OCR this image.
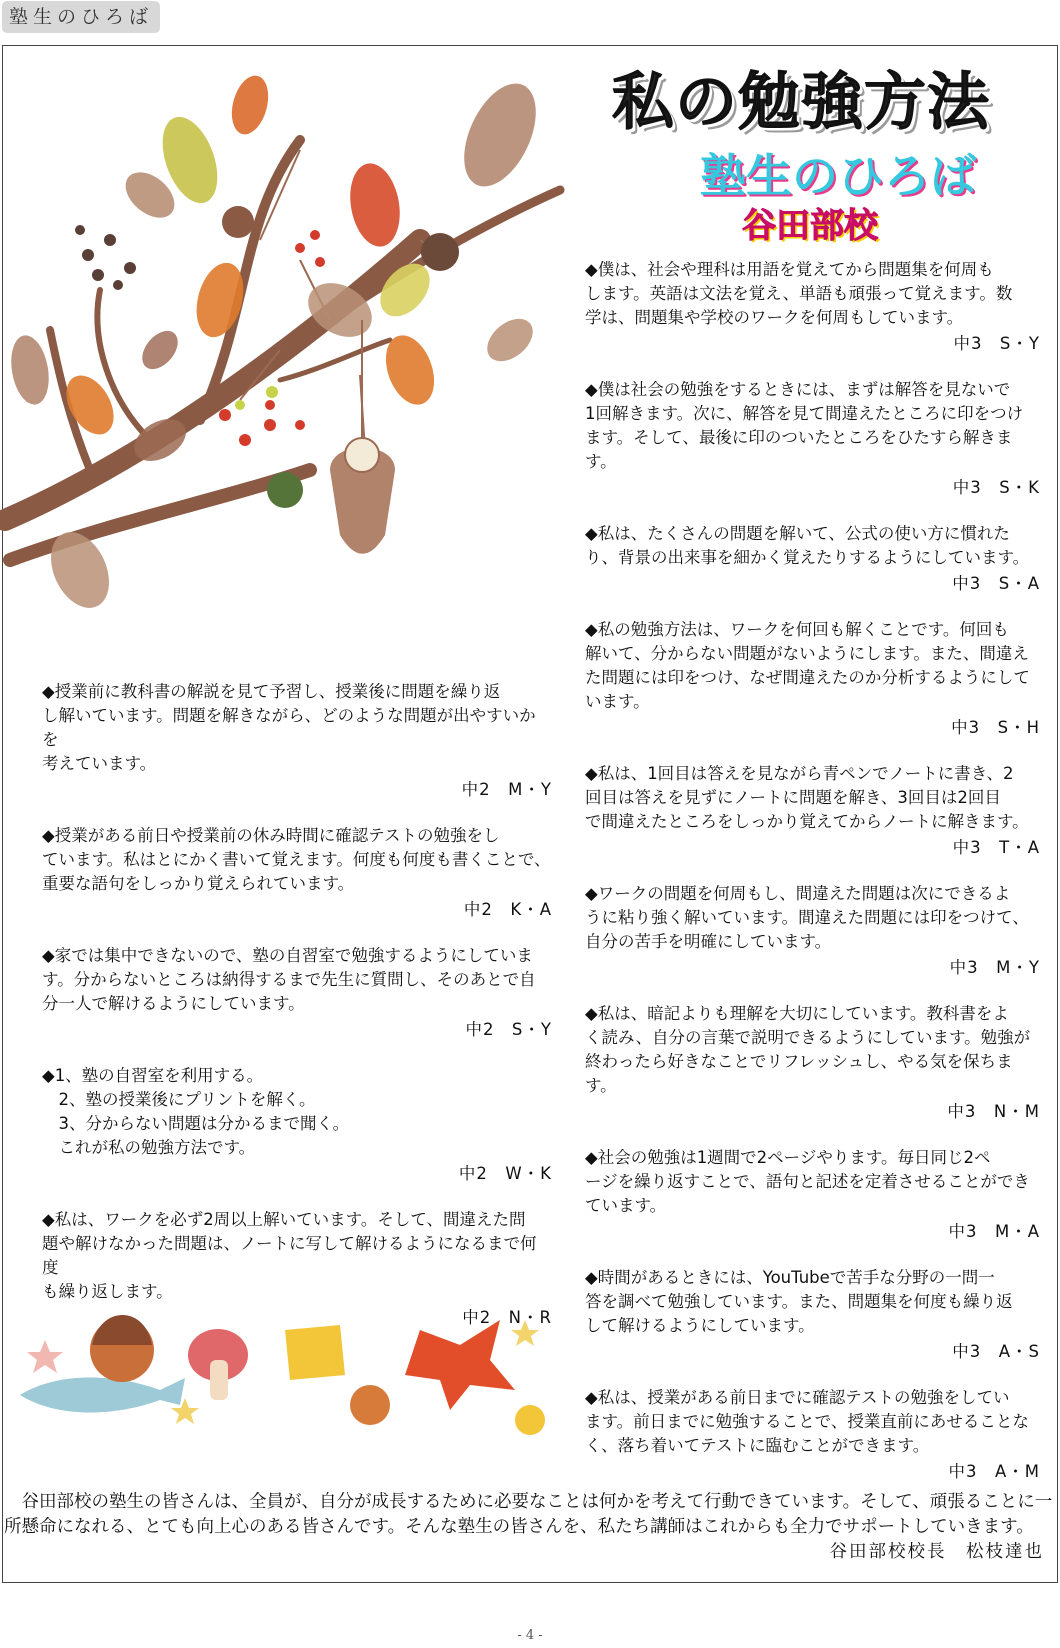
塾生のひろば
私の勉強方法
塾生のひろば
谷田部校
◆授業前に教科書の解説を見て予習し、授業後に問題を繰り返
し解いています。問題を解きながら、どのような問題が出やすいかを
考えています。
中2　M・Y
◆授業がある前日や授業前の休み時間に確認テストの勉強をし
ています。私はとにかく書いて覚えます。何度も何度も書くことで、
重要な語句をしっかり覚えられています。
中2　K・A
◆家では集中できないので、塾の自習室で勉強するようにしていま
す。分からないところは納得するまで先生に質問し、そのあとで自
分一人で解けるようにしています。
中2　S・Y
◆1、塾の自習室を利用する。
　2、塾の授業後にプリントを解く。
　3、分からない問題は分かるまで聞く。
　これが私の勉強方法です。
中2　W・K
◆私は、ワークを必ず2周以上解いています。そして、間違えた問
題や解けなかった問題は、ノートに写して解けるようになるまで何度
も繰り返します。
中2　N・R
◆僕は、社会や理科は用語を覚えてから問題集を何周も
します。英語は文法を覚え、単語も頑張って覚えます。数
学は、問題集や学校のワークを何周もしています。
中3　S・Y
◆僕は社会の勉強をするときには、まずは解答を見ないで
1回解きます。次に、解答を見て間違えたところに印をつけ
ます。そして、最後に印のついたところをひたすら解きます。
中3　S・K
◆私は、たくさんの問題を解いて、公式の使い方に慣れた
り、背景の出来事を細かく覚えたりするようにしています。
中3　S・A
◆私の勉強方法は、ワークを何回も解くことです。何回も
解いて、分からない問題がないようにします。また、間違え
た問題には印をつけ、なぜ間違えたのか分析するようにして
います。
中3　S・H
◆私は、1回目は答えを見ながら青ペンでノートに書き、2
回目は答えを見ずにノートに問題を解き、3回目は2回目
で間違えたところをしっかり覚えてからノートに解きます。
中3　T・A
◆ワークの問題を何周もし、間違えた問題は次にできるよ
うに粘り強く解いています。間違えた問題には印をつけて、
自分の苦手を明確にしています。
中3　M・Y
◆私は、暗記よりも理解を大切にしています。教科書をよ
く読み、自分の言葉で説明できるようにしています。勉強が
終わったら好きなことでリフレッシュし、やる気を保ちます。
中3　N・M
◆社会の勉強は1週間で2ページやります。毎日同じ2ペ
ージを繰り返すことで、語句と記述を定着させることができ
ています。
中3　M・A
◆時間があるときには、YouTubeで苦手な分野の一問一
答を調べて勉強しています。また、問題集を何度も繰り返
して解けるようにしています。
中3　A・S
◆私は、授業がある前日までに確認テストの勉強をしてい
ます。前日までに勉強することで、授業直前にあせることな
く、落ち着いてテストに臨むことができます。
中3　A・M
　谷田部校の塾生の皆さんは、全員が、自分が成長するために必要なことは何かを考えて行動できています。そして、頑張ることに一所懸命になれる、とても向上心のある皆さんです。そんな塾生の皆さんを、私たち講師はこれからも全力でサポートしていきます。
谷田部校校長　松枝達也
- 4 -
